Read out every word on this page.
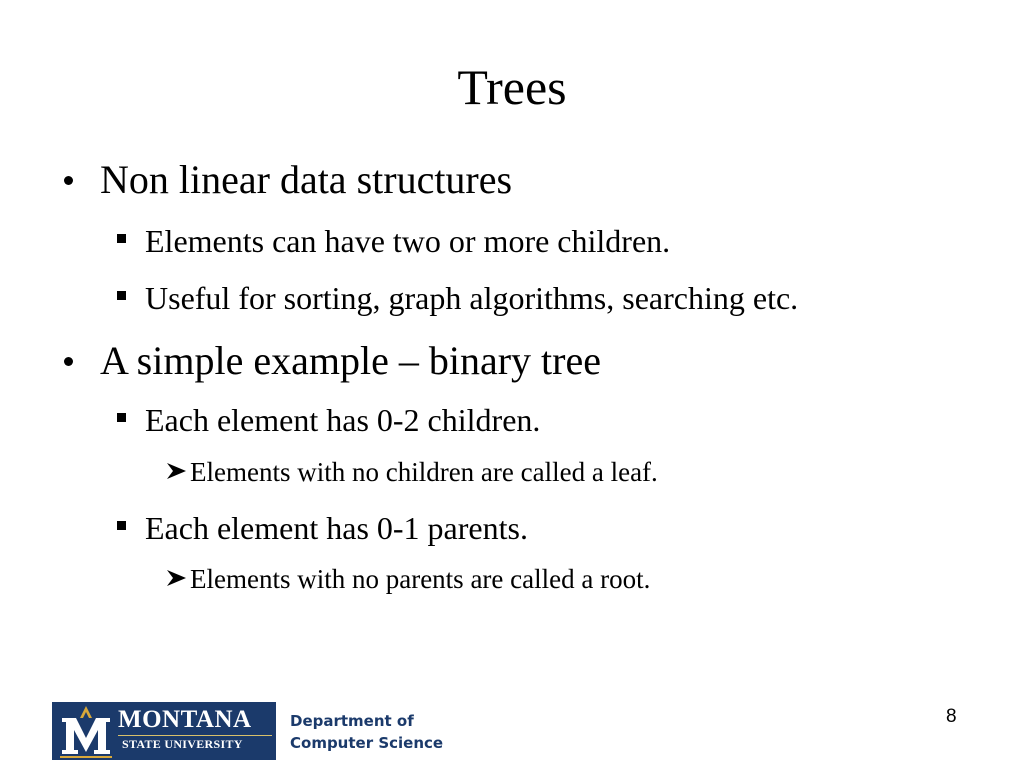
Trees
Non linear data structures
Elements can have two or more children.
Useful for sorting, graph algorithms, searching etc.
A simple example – binary tree
Each element has 0-2 children.
Elements with no children are called a leaf.
Each element has 0-1 parents.
Elements with no parents are called a root.
MONTANA
STATE UNIVERSITY
Department of
Computer Science
8
